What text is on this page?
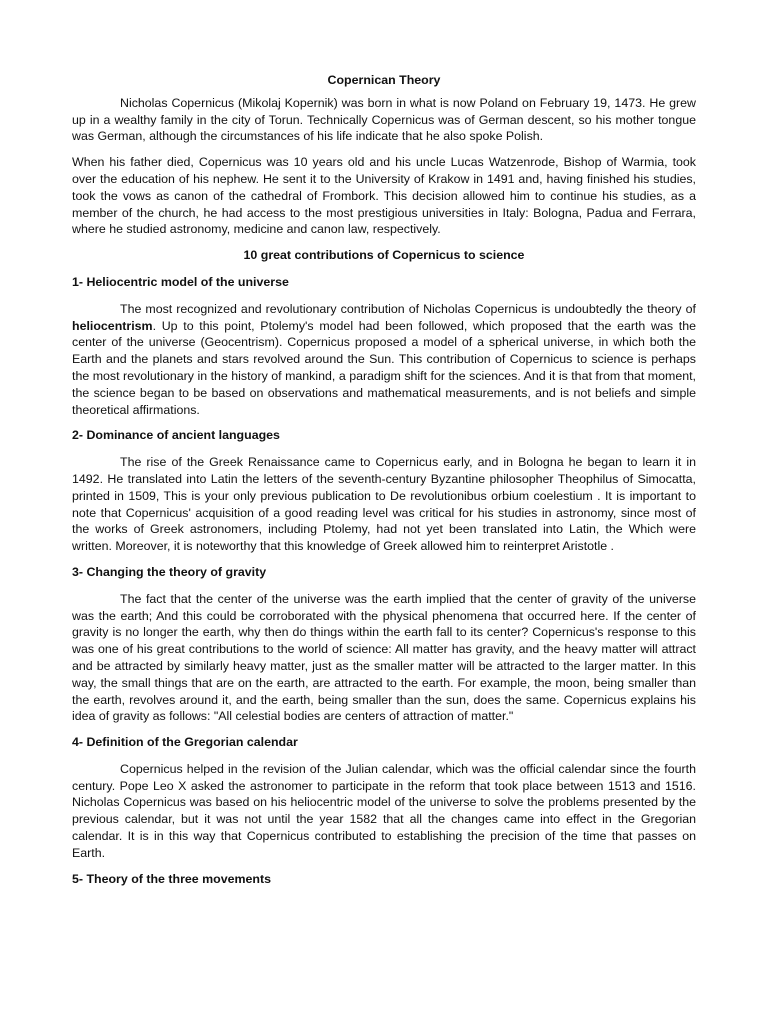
Copernican Theory

Nicholas Copernicus (Mikolaj Kopernik) was born in what is now Poland on February 19, 1473. He grew up in a wealthy family in the city of Torun. Technically Copernicus was of German descent, so his mother tongue was German, although the circumstances of his life indicate that he also spoke Polish.

When his father died, Copernicus was 10 years old and his uncle Lucas Watzenrode, Bishop of Warmia, took over the education of his nephew. He sent it to the University of Krakow in 1491 and, having finished his studies, took the vows as canon of the cathedral of Frombork. This decision allowed him to continue his studies, as a member of the church, he had access to the most prestigious universities in Italy: Bologna, Padua and Ferrara, where he studied astronomy, medicine and canon law, respectively.

10 great contributions of Copernicus to science
1- Heliocentric model of the universe

The most recognized and revolutionary contribution of Nicholas Copernicus is undoubtedly the theory of heliocentrism. Up to this point, Ptolemy's model had been followed, which proposed that the earth was the center of the universe (Geocentrism). Copernicus proposed a model of a spherical universe, in which both the Earth and the planets and stars revolved around the Sun. This contribution of Copernicus to science is perhaps the most revolutionary in the history of mankind, a paradigm shift for the sciences. And it is that from that moment, the science began to be based on observations and mathematical measurements, and is not beliefs and simple theoretical affirmations.

2- Dominance of ancient languages

The rise of the Greek Renaissance came to Copernicus early, and in Bologna he began to learn it in 1492. He translated into Latin the letters of the seventh-century Byzantine philosopher Theophilus of Simocatta, printed in 1509, This is your only previous publication to De revolutionibus orbium coelestium . It is important to note that Copernicus' acquisition of a good reading level was critical for his studies in astronomy, since most of the works of Greek astronomers, including Ptolemy, had not yet been translated into Latin, the Which were written. Moreover, it is noteworthy that this knowledge of Greek allowed him to reinterpret Aristotle .

3- Changing the theory of gravity

The fact that the center of the universe was the earth implied that the center of gravity of the universe was the earth; And this could be corroborated with the physical phenomena that occurred here. If the center of gravity is no longer the earth, why then do things within the earth fall to its center? Copernicus's response to this was one of his great contributions to the world of science: All matter has gravity, and the heavy matter will attract and be attracted by similarly heavy matter, just as the smaller matter will be attracted to the larger matter. In this way, the small things that are on the earth, are attracted to the earth. For example, the moon, being smaller than the earth, revolves around it, and the earth, being smaller than the sun, does the same. Copernicus explains his idea of gravity as follows: "All celestial bodies are centers of attraction of matter."

4- Definition of the Gregorian calendar

Copernicus helped in the revision of the Julian calendar, which was the official calendar since the fourth century. Pope Leo X asked the astronomer to participate in the reform that took place between 1513 and 1516. Nicholas Copernicus was based on his heliocentric model of the universe to solve the problems presented by the previous calendar, but it was not until the year 1582 that all the changes came into effect in the Gregorian calendar. It is in this way that Copernicus contributed to establishing the precision of the time that passes on Earth.

5- Theory of the three movements
